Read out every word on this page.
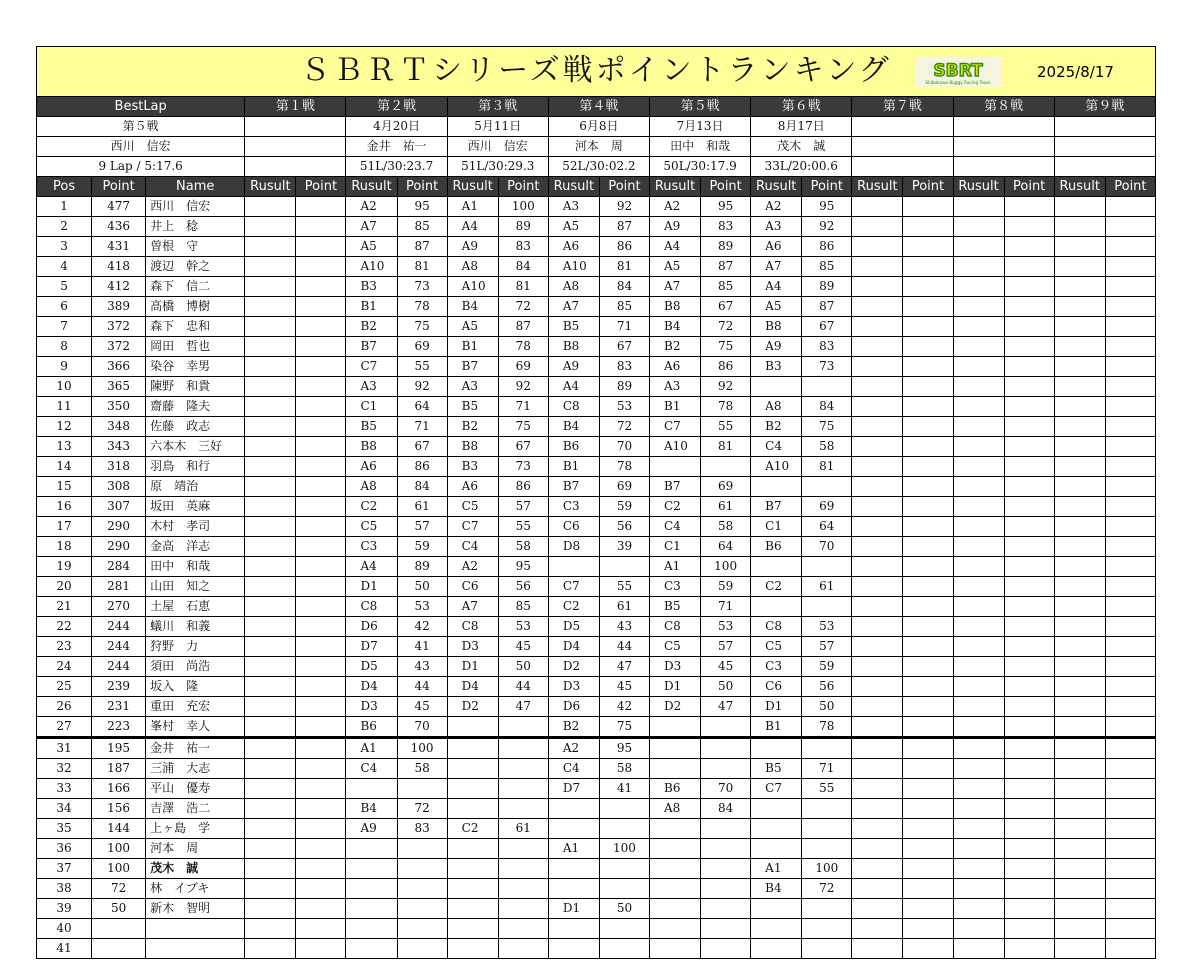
ＳＢＲＴシリーズ戦ポイントランキング	SBRT
Shibukawa Buggy Racing Team
2025/8/17
BestLap			第１戦		第２戦		第３戦		第４戦		第５戦		第６戦		第７戦		第８戦		第９戦	
第５戦					4月20日		5月11日		6月8日		7月13日		8月17日							
西川　信宏					金井　祐一		西川　信宏		河本　周		田中　和哉		茂木　誠							
9 Lap / 5:17.6					51L/30:23.7		51L/30:29.3		52L/30:02.2		50L/30:17.9		33L/20:00.6							
Pos	Point	Name	Rusult	Point	Rusult	Point	Rusult	Point	Rusult	Point	Rusult	Point	Rusult	Point	Rusult	Point	Rusult	Point	Rusult	Point
1	477	西川　信宏			A2	95	A1	100	A3	92	A2	95	A2	95						
2	436	井上　稔			A7	85	A4	89	A5	87	A9	83	A3	92						
3	431	曽根　守			A5	87	A9	83	A6	86	A4	89	A6	86						
4	418	渡辺　幹之			A10	81	A8	84	A10	81	A5	87	A7	85						
5	412	森下　信二			B3	73	A10	81	A8	84	A7	85	A4	89						
6	389	高橋　博樹			B1	78	B4	72	A7	85	B8	67	A5	87						
7	372	森下　忠和			B2	75	A5	87	B5	71	B4	72	B8	67						
8	372	岡田　哲也			B7	69	B1	78	B8	67	B2	75	A9	83						
9	366	染谷　幸男			C7	55	B7	69	A9	83	A6	86	B3	73						
10	365	陳野　和貴			A3	92	A3	92	A4	89	A3	92								
11	350	齋藤　隆夫			C1	64	B5	71	C8	53	B1	78	A8	84						
12	348	佐藤　政志			B5	71	B2	75	B4	72	C7	55	B2	75						
13	343	六本木　三好			B8	67	B8	67	B6	70	A10	81	C4	58						
14	318	羽鳥　和行			A6	86	B3	73	B1	78			A10	81						
15	308	原　靖治			A8	84	A6	86	B7	69	B7	69								
16	307	坂田　英麻			C2	61	C5	57	C3	59	C2	61	B7	69						
17	290	木村　孝司			C5	57	C7	55	C6	56	C4	58	C1	64						
18	290	金高　洋志			C3	59	C4	58	D8	39	C1	64	B6	70						
19	284	田中　和哉			A4	89	A2	95			A1	100								
20	281	山田　知之			D1	50	C6	56	C7	55	C3	59	C2	61						
21	270	土屋　石恵			C8	53	A7	85	C2	61	B5	71								
22	244	蟻川　和義			D6	42	C8	53	D5	43	C8	53	C8	53						
23	244	狩野　力			D7	41	D3	45	D4	44	C5	57	C5	57						
24	244	須田　尚浩			D5	43	D1	50	D2	47	D3	45	C3	59						
25	239	坂入　隆			D4	44	D4	44	D3	45	D1	50	C6	56						
26	231	重田　充宏			D3	45	D2	47	D6	42	D2	47	D1	50						
27	223	峯村　幸人			B6	70			B2	75			B1	78						
31	195	金井　祐一			A1	100			A2	95										
32	187	三浦　大志			C4	58			C4	58			B5	71						
33	166	平山　優寿							D7	41	B6	70	C7	55						
34	156	吉澤　浩二			B4	72					A8	84								
35	144	上ヶ島　学			A9	83	C2	61												
36	100	河本　周							A1	100										
37	100	茂木　誠											A1	100						
38	72	林　イブキ											B4	72						
39	50	新木　智明							D1	50										
40																				
41																				
